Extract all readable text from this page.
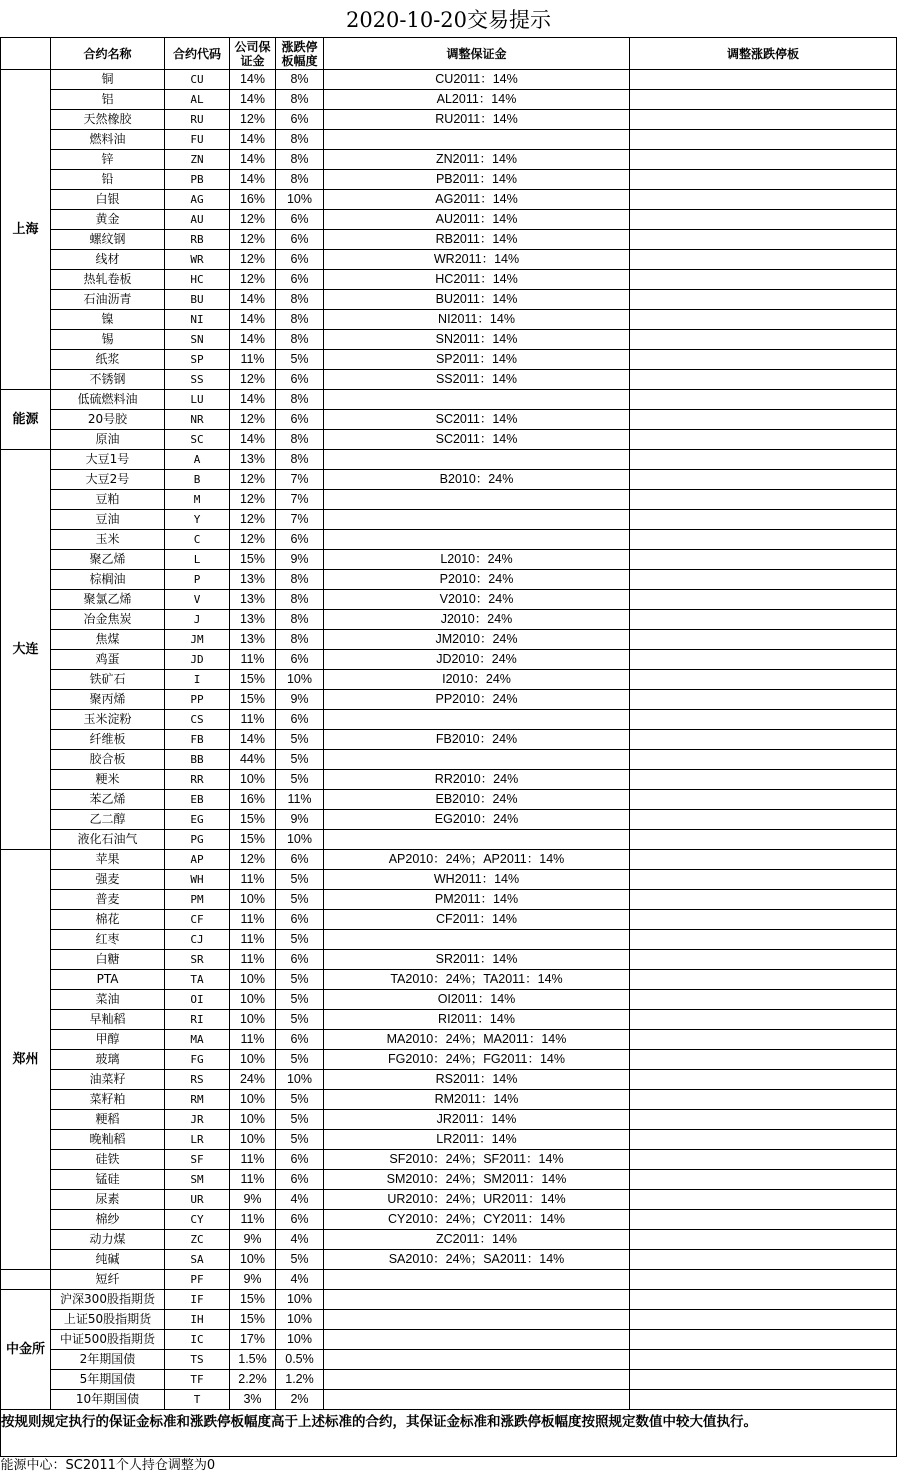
2020-10-20交易提示
	合约名称	合约代码	公司保证金	涨跌停板幅度	调整保证金	调整涨跌停板
上海	铜	CU	14%	8%	CU2011：14%	
	铝	AL	14%	8%	AL2011：14%	
	天然橡胶	RU	12%	6%	RU2011：14%	
	燃料油	FU	14%	8%		
	锌	ZN	14%	8%	ZN2011：14%	
	铅	PB	14%	8%	PB2011：14%	
	白银	AG	16%	10%	AG2011：14%	
	黄金	AU	12%	6%	AU2011：14%	
	螺纹钢	RB	12%	6%	RB2011：14%	
	线材	WR	12%	6%	WR2011：14%	
	热轧卷板	HC	12%	6%	HC2011：14%	
	石油沥青	BU	14%	8%	BU2011：14%	
	镍	NI	14%	8%	NI2011：14%	
	锡	SN	14%	8%	SN2011：14%	
	纸浆	SP	11%	5%	SP2011：14%	
	不锈钢	SS	12%	6%	SS2011：14%	
能源	低硫燃料油	LU	14%	8%		
	20号胶	NR	12%	6%	SC2011：14%	
	原油	SC	14%	8%	SC2011：14%	
大连	大豆1号	A	13%	8%		
	大豆2号	B	12%	7%	B2010：24%	
	豆粕	M	12%	7%		
	豆油	Y	12%	7%		
	玉米	C	12%	6%		
	聚乙烯	L	15%	9%	L2010：24%	
	棕榈油	P	13%	8%	P2010：24%	
	聚氯乙烯	V	13%	8%	V2010：24%	
	冶金焦炭	J	13%	8%	J2010：24%	
	焦煤	JM	13%	8%	JM2010：24%	
	鸡蛋	JD	11%	6%	JD2010：24%	
	铁矿石	I	15%	10%	I2010：24%	
	聚丙烯	PP	15%	9%	PP2010：24%	
	玉米淀粉	CS	11%	6%		
	纤维板	FB	14%	5%	FB2010：24%	
	胶合板	BB	44%	5%		
	粳米	RR	10%	5%	RR2010：24%	
	苯乙烯	EB	16%	11%	EB2010：24%	
	乙二醇	EG	15%	9%	EG2010：24%	
	液化石油气	PG	15%	10%		
郑州	苹果	AP	12%	6%	AP2010：24%；AP2011：14%	
	强麦	WH	11%	5%	WH2011：14%	
	普麦	PM	10%	5%	PM2011：14%	
	棉花	CF	11%	6%	CF2011：14%	
	红枣	CJ	11%	5%		
	白糖	SR	11%	6%	SR2011：14%	
	PTA	TA	10%	5%	TA2010：24%；TA2011：14%	
	菜油	OI	10%	5%	OI2011：14%	
	早籼稻	RI	10%	5%	RI2011：14%	
	甲醇	MA	11%	6%	MA2010：24%；MA2011：14%	
	玻璃	FG	10%	5%	FG2010：24%；FG2011：14%	
	油菜籽	RS	24%	10%	RS2011：14%	
	菜籽粕	RM	10%	5%	RM2011：14%	
	粳稻	JR	10%	5%	JR2011：14%	
	晚籼稻	LR	10%	5%	LR2011：14%	
	硅铁	SF	11%	6%	SF2010：24%；SF2011：14%	
	锰硅	SM	11%	6%	SM2010：24%；SM2011：14%	
	尿素	UR	9%	4%	UR2010：24%；UR2011：14%	
	棉纱	CY	11%	6%	CY2010：24%；CY2011：14%	
	动力煤	ZC	9%	4%	ZC2011：14%	
	纯碱	SA	10%	5%	SA2010：24%；SA2011：14%	
	短纤	PF	9%	4%		
中金所	沪深300股指期货	IF	15%	10%		
	上证50股指期货	IH	15%	10%		
	中证500股指期货	IC	17%	10%		
	2年期国债	TS	1.5%	0.5%		
	5年期国债	TF	2.2%	1.2%		
	10年期国债	T	3%	2%		
按规则规定执行的保证金标准和涨跌停板幅度高于上述标准的合约，其保证金标准和涨跌停板幅度按照规定数值中较大值执行。						
能源中心：SC2011个人持仓调整为0						
